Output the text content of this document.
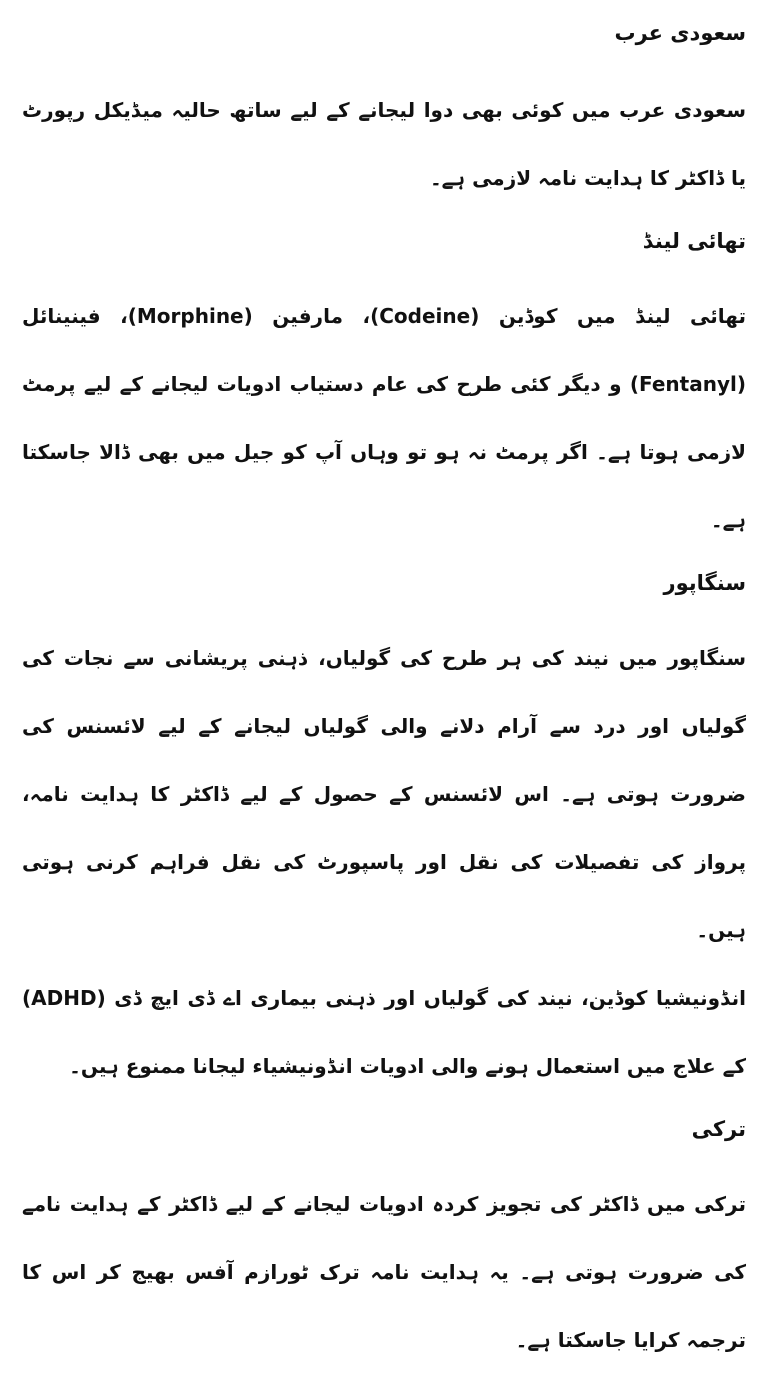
سعودی عرب

سعودی عرب میں کوئی بھی دوا لیجانے کے لیے ساتھ حالیہ میڈیکل رپورٹ یا ڈاکٹر کا ہدایت نامہ لازمی ہے۔

تھائی لینڈ

تھائی لینڈ میں کوڈین (Codeine)، مارفین (Morphine)، فینینائل (Fentanyl) و دیگر کئی طرح کی عام دستیاب ادویات لیجانے کے لیے پرمٹ لازمی ہوتا ہے۔ اگر پرمٹ نہ ہو تو وہاں آپ کو جیل میں بھی ڈالا جاسکتا ہے۔

سنگاپور

سنگاپور میں نیند کی ہر طرح کی گولیاں، ذہنی پریشانی سے نجات کی گولیاں اور درد سے آرام دلانے والی گولیاں لیجانے کے لیے لائسنس کی ضرورت ہوتی ہے۔ اس لائسنس کے حصول کے لیے ڈاکٹر کا ہدایت نامہ، پرواز کی تفصیلات کی نقل اور پاسپورٹ کی نقل فراہم کرنی ہوتی ہیں۔

انڈونیشیا کوڈین، نیند کی گولیاں اور ذہنی بیماری اے ڈی ایچ ڈی (ADHD) کے علاج میں استعمال ہونے والی ادویات انڈونیشیاء لیجانا ممنوع ہیں۔

ترکی

ترکی میں ڈاکٹر کی تجویز کردہ ادویات لیجانے کے لیے ڈاکٹر کے ہدایت نامے کی ضرورت ہوتی ہے۔ یہ ہدایت نامہ ترک ٹورازم آفس بھیج کر اس کا ترجمہ کرایا جاسکتا ہے۔
